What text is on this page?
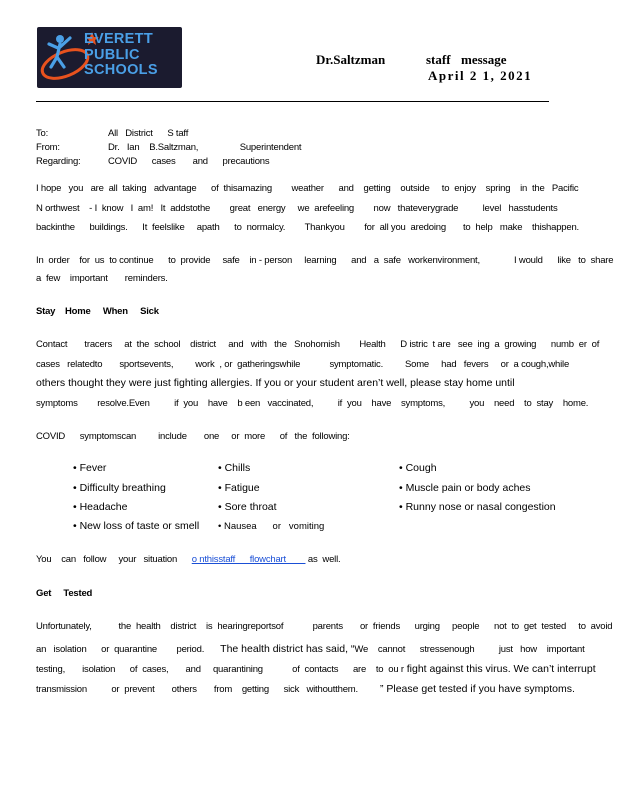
EVERETT
PUBLIC
SCHOOLS
Dr.Saltzman	staff message
April 2 1, 2021
To:	All   District      S taff
From:	Dr.   Ian    B.Saltzman,                 Superintendent
Regarding:	COVID      cases       and      precautions
I hope   you   are  all  taking   advantage      of  thisamazing        weather      and    getting    outside     to  enjoy    spring    in  the   Pacific
N orthwest    - I  know   I  am!   It  addstothe        great   energy     we  arefeeling        now   thateverygrade          level   hasstudents
backinthe      buildings.      It  feelslike     apath      to  normalcy.        Thankyou        for  all you  aredoing       to  help   make    thishappen.
In  order    for  us  to continue      to  provide     safe    in - person     learning      and   a  safe   workenvironment,              I would      like   to  share
a  few    important       reminders.
Stay    Home     When     Sick
Contact       tracers     at  the  school    district     and   with   the   Snohomish        Health      D istric  t are   see  ing  a  growing      numb  er  of
cases   relatedto       sportsevents,         work  , or  gatheringswhile            symptomatic.         Some     had   fevers     or  a cough,while
others thought they were just fighting allergies. If you or your student aren’t well, please stay home until
symptoms        resolve.Even          if  you    have    b een   vaccinated,          if  you    have    symptoms,          you    need    to  stay    home.
COVID      symptomscan         include       one     or  more      of   the  following:
• Fever
• Difficulty breathing
• Headache
• New loss of taste or smell
• Chills
• Fatigue
• Sore throat
• Nausea      or   vomiting
• Cough
• Muscle pain or body aches
• Runny nose or nasal congestion
You    can   follow     your   situation      o nthisstaff      flowchart         as  well.
Get     Tested
Unfortunately,           the  health    district    is  hearingreportsof            parents       or  friends      urging     people      not  to  get  tested     to  avoid
an   isolation      or  quarantine        period. The health district has said, “We    cannot      stressenough          just   how    important
testing,       isolation      of  cases,       and     quarantining            of  contacts      are    to  ou r fight against this virus. We can’t interrupt
transmission          or  prevent       others       from    getting      sick   withoutthem. ” Please get tested if you have symptoms.
